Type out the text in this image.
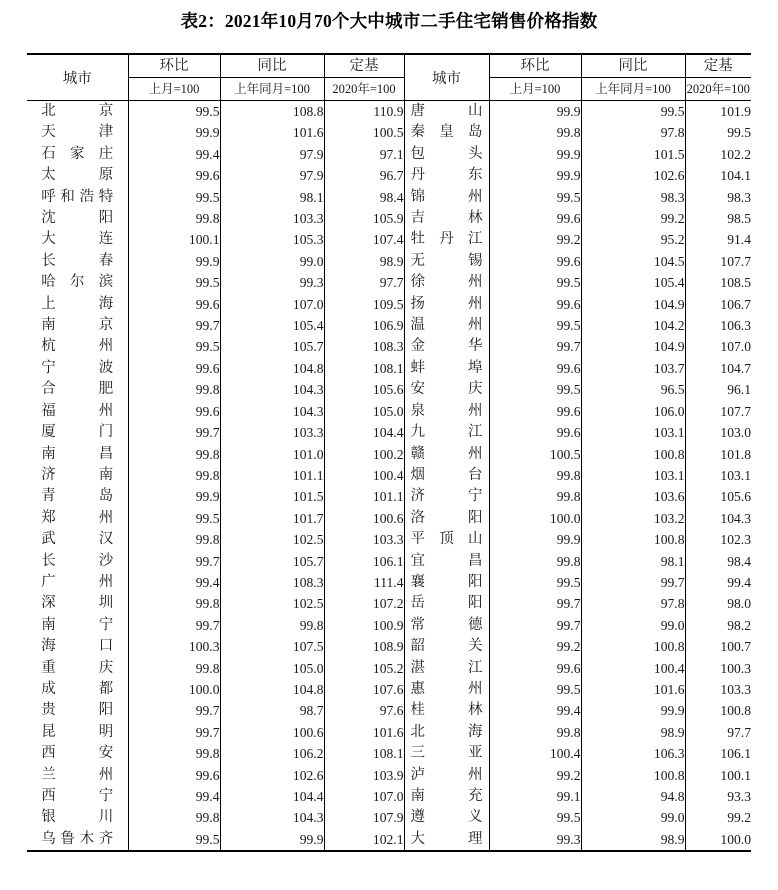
表2：2021年10月70个大中城市二手住宅销售价格指数
城市	环比	同比	定基	城市	环比	同比	定基
	上月=100	上年同月=100	2020年=100		上月=100	上年同月=100	2020年=100
北京	99.5	108.8	110.9	唐山	99.9	99.5	101.9
天津	99.9	101.6	100.5	秦皇岛	99.8	97.8	99.5
石家庄	99.4	97.9	97.1	包头	99.9	101.5	102.2
太原	99.6	97.9	96.7	丹东	99.9	102.6	104.1
呼和浩特	99.5	98.1	98.4	锦州	99.5	98.3	98.3
沈阳	99.8	103.3	105.9	吉林	99.6	99.2	98.5
大连	100.1	105.3	107.4	牡丹江	99.2	95.2	91.4
长春	99.9	99.0	98.9	无锡	99.6	104.5	107.7
哈尔滨	99.5	99.3	97.7	徐州	99.5	105.4	108.5
上海	99.6	107.0	109.5	扬州	99.6	104.9	106.7
南京	99.7	105.4	106.9	温州	99.5	104.2	106.3
杭州	99.5	105.7	108.3	金华	99.7	104.9	107.0
宁波	99.6	104.8	108.1	蚌埠	99.6	103.7	104.7
合肥	99.8	104.3	105.6	安庆	99.5	96.5	96.1
福州	99.6	104.3	105.0	泉州	99.6	106.0	107.7
厦门	99.7	103.3	104.4	九江	99.6	103.1	103.0
南昌	99.8	101.0	100.2	赣州	100.5	100.8	101.8
济南	99.8	101.1	100.4	烟台	99.8	103.1	103.1
青岛	99.9	101.5	101.1	济宁	99.8	103.6	105.6
郑州	99.5	101.7	100.6	洛阳	100.0	103.2	104.3
武汉	99.8	102.5	103.3	平顶山	99.9	100.8	102.3
长沙	99.7	105.7	106.1	宜昌	99.8	98.1	98.4
广州	99.4	108.3	111.4	襄阳	99.5	99.7	99.4
深圳	99.8	102.5	107.2	岳阳	99.7	97.8	98.0
南宁	99.7	99.8	100.9	常德	99.7	99.0	98.2
海口	100.3	107.5	108.9	韶关	99.2	100.8	100.7
重庆	99.8	105.0	105.2	湛江	99.6	100.4	100.3
成都	100.0	104.8	107.6	惠州	99.5	101.6	103.3
贵阳	99.7	98.7	97.6	桂林	99.4	99.9	100.8
昆明	99.7	100.6	101.6	北海	99.8	98.9	97.7
西安	99.8	106.2	108.1	三亚	100.4	106.3	106.1
兰州	99.6	102.6	103.9	泸州	99.2	100.8	100.1
西宁	99.4	104.4	107.0	南充	99.1	94.8	93.3
银川	99.8	104.3	107.9	遵义	99.5	99.0	99.2
乌鲁木齐	99.5	99.9	102.1	大理	99.3	98.9	100.0
